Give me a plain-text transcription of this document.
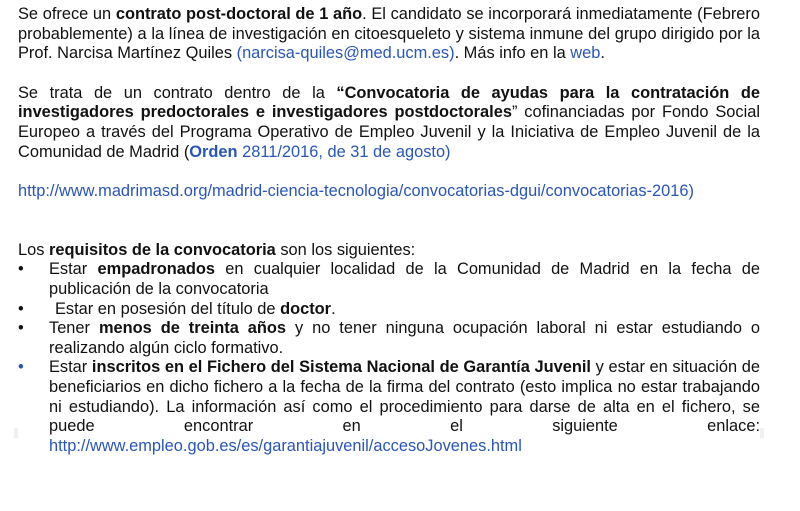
Se ofrece un contrato post-doctoral de 1 año. El candidato se incorporará inmediatamente (Febrero probablemente) a la línea de investigación en citoesqueleto y sistema inmune del grupo dirigido por la Prof. Narcisa Martínez Quiles (narcisa-quiles@med.ucm.es). Más info en la web.

Se trata de un contrato dentro de la “Convocatoria de ayudas para la contratación de investigadores predoctorales e investigadores postdoctorales” cofinanciadas por Fondo Social Europeo a través del Programa Operativo de Empleo Juvenil y la Iniciativa de Empleo Juvenil de la Comunidad de Madrid (Orden 2811/2016, de 31 de agosto)

http://www.madrimasd.org/madrid-ciencia-tecnologia/convocatorias-dgui/convocatorias-2016)

Los requisitos de la convocatoria son los siguientes:

•	Estar empadronados en cualquier localidad de la Comunidad de Madrid en la fecha de publicación de la convocatoria
•	Estar en posesión del título de doctor.
•	Tener menos de treinta años y no tener ninguna ocupación laboral ni estar estudiando o realizando algún ciclo formativo.
•	Estar inscritos en el Fichero del Sistema Nacional de Garantía Juvenil y estar en situación de beneficiarios en dicho fichero a la fecha de la firma del contrato (esto implica no estar trabajando ni estudiando). La información así como el procedimiento para darse de alta en el fichero, se puede encontrar en el siguiente enlace: http://www.empleo.gob.es/es/garantiajuvenil/accesoJovenes.html
